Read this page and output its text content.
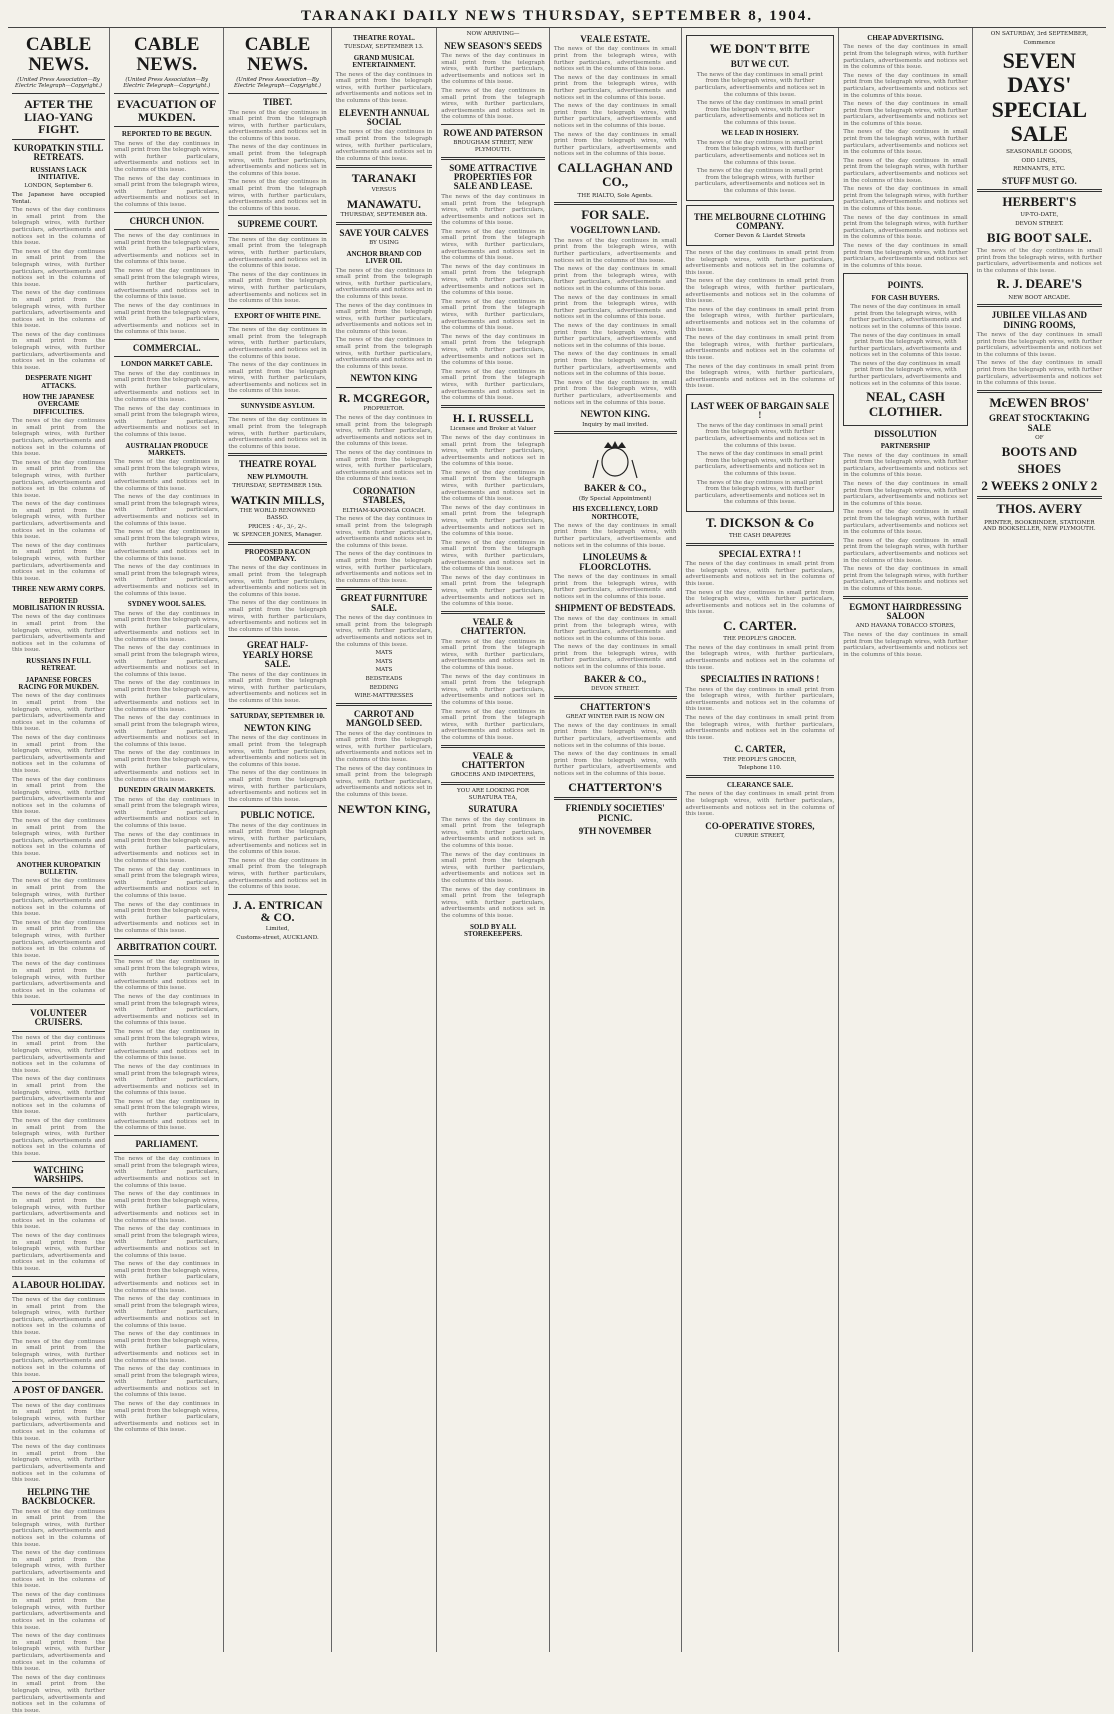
TARANAKI DAILY NEWS THURSDAY, SEPTEMBER 8, 1904.
CABLE NEWS.
(United Press Association—By Electric Telegraph—Copyright.)
AFTER THE LIAO-YANG FIGHT.
KUROPATKIN STILL RETREATS.
RUSSIANS LACK INITIATIVE.

LONDON, September 6.

The Japanese have occupied Yentai.

The news of the day continues in small print from the telegraph wires, with further particulars, advertisements and notices set in the columns of this issue.

The news of the day continues in small print from the telegraph wires, with further particulars, advertisements and notices set in the columns of this issue.

The news of the day continues in small print from the telegraph wires, with further particulars, advertisements and notices set in the columns of this issue.

The news of the day continues in small print from the telegraph wires, with further particulars, advertisements and notices set in the columns of this issue.

DESPERATE NIGHT ATTACKS.
HOW THE JAPANESE OVERCAME DIFFICULTIES.

The news of the day continues in small print from the telegraph wires, with further particulars, advertisements and notices set in the columns of this issue.

The news of the day continues in small print from the telegraph wires, with further particulars, advertisements and notices set in the columns of this issue.

The news of the day continues in small print from the telegraph wires, with further particulars, advertisements and notices set in the columns of this issue.

The news of the day continues in small print from the telegraph wires, with further particulars, advertisements and notices set in the columns of this issue.

THREE NEW ARMY CORPS.
REPORTED MOBILISATION IN RUSSIA.

The news of the day continues in small print from the telegraph wires, with further particulars, advertisements and notices set in the columns of this issue.

RUSSIANS IN FULL RETREAT.
JAPANESE FORCES RACING FOR MUKDEN.

The news of the day continues in small print from the telegraph wires, with further particulars, advertisements and notices set in the columns of this issue.

The news of the day continues in small print from the telegraph wires, with further particulars, advertisements and notices set in the columns of this issue.

The news of the day continues in small print from the telegraph wires, with further particulars, advertisements and notices set in the columns of this issue.

The news of the day continues in small print from the telegraph wires, with further particulars, advertisements and notices set in the columns of this issue.

ANOTHER KUROPATKIN BULLETIN.

The news of the day continues in small print from the telegraph wires, with further particulars, advertisements and notices set in the columns of this issue.

The news of the day continues in small print from the telegraph wires, with further particulars, advertisements and notices set in the columns of this issue.

The news of the day continues in small print from the telegraph wires, with further particulars, advertisements and notices set in the columns of this issue.

VOLUNTEER CRUISERS.

The news of the day continues in small print from the telegraph wires, with further particulars, advertisements and notices set in the columns of this issue.

The news of the day continues in small print from the telegraph wires, with further particulars, advertisements and notices set in the columns of this issue.

The news of the day continues in small print from the telegraph wires, with further particulars, advertisements and notices set in the columns of this issue.

WATCHING WARSHIPS.

The news of the day continues in small print from the telegraph wires, with further particulars, advertisements and notices set in the columns of this issue.

The news of the day continues in small print from the telegraph wires, with further particulars, advertisements and notices set in the columns of this issue.

A LABOUR HOLIDAY.

The news of the day continues in small print from the telegraph wires, with further particulars, advertisements and notices set in the columns of this issue.

The news of the day continues in small print from the telegraph wires, with further particulars, advertisements and notices set in the columns of this issue.

A POST OF DANGER.

The news of the day continues in small print from the telegraph wires, with further particulars, advertisements and notices set in the columns of this issue.

The news of the day continues in small print from the telegraph wires, with further particulars, advertisements and notices set in the columns of this issue.

HELPING THE BACKBLOCKER.

The news of the day continues in small print from the telegraph wires, with further particulars, advertisements and notices set in the columns of this issue.

The news of the day continues in small print from the telegraph wires, with further particulars, advertisements and notices set in the columns of this issue.

The news of the day continues in small print from the telegraph wires, with further particulars, advertisements and notices set in the columns of this issue.

The news of the day continues in small print from the telegraph wires, with further particulars, advertisements and notices set in the columns of this issue.

The news of the day continues in small print from the telegraph wires, with further particulars, advertisements and notices set in the columns of this issue.

CABLE NEWS.
(United Press Association—By Electric Telegraph—Copyright.)
EVACUATION OF MUKDEN.
REPORTED TO BE BEGUN.

The news of the day continues in small print from the telegraph wires, with further particulars, advertisements and notices set in the columns of this issue.

The news of the day continues in small print from the telegraph wires, with further particulars, advertisements and notices set in the columns of this issue.

CHURCH UNION.

The news of the day continues in small print from the telegraph wires, with further particulars, advertisements and notices set in the columns of this issue.

The news of the day continues in small print from the telegraph wires, with further particulars, advertisements and notices set in the columns of this issue.

The news of the day continues in small print from the telegraph wires, with further particulars, advertisements and notices set in the columns of this issue.

COMMERCIAL.
LONDON MARKET CABLE.

The news of the day continues in small print from the telegraph wires, with further particulars, advertisements and notices set in the columns of this issue.

The news of the day continues in small print from the telegraph wires, with further particulars, advertisements and notices set in the columns of this issue.

AUSTRALIAN PRODUCE MARKETS.

The news of the day continues in small print from the telegraph wires, with further particulars, advertisements and notices set in the columns of this issue.

The news of the day continues in small print from the telegraph wires, with further particulars, advertisements and notices set in the columns of this issue.

The news of the day continues in small print from the telegraph wires, with further particulars, advertisements and notices set in the columns of this issue.

The news of the day continues in small print from the telegraph wires, with further particulars, advertisements and notices set in the columns of this issue.

SYDNEY WOOL SALES.

The news of the day continues in small print from the telegraph wires, with further particulars, advertisements and notices set in the columns of this issue.

The news of the day continues in small print from the telegraph wires, with further particulars, advertisements and notices set in the columns of this issue.

The news of the day continues in small print from the telegraph wires, with further particulars, advertisements and notices set in the columns of this issue.

The news of the day continues in small print from the telegraph wires, with further particulars, advertisements and notices set in the columns of this issue.

The news of the day continues in small print from the telegraph wires, with further particulars, advertisements and notices set in the columns of this issue.

DUNEDIN GRAIN MARKETS.

The news of the day continues in small print from the telegraph wires, with further particulars, advertisements and notices set in the columns of this issue.

The news of the day continues in small print from the telegraph wires, with further particulars, advertisements and notices set in the columns of this issue.

The news of the day continues in small print from the telegraph wires, with further particulars, advertisements and notices set in the columns of this issue.

The news of the day continues in small print from the telegraph wires, with further particulars, advertisements and notices set in the columns of this issue.

ARBITRATION COURT.

The news of the day continues in small print from the telegraph wires, with further particulars, advertisements and notices set in the columns of this issue.

The news of the day continues in small print from the telegraph wires, with further particulars, advertisements and notices set in the columns of this issue.

The news of the day continues in small print from the telegraph wires, with further particulars, advertisements and notices set in the columns of this issue.

The news of the day continues in small print from the telegraph wires, with further particulars, advertisements and notices set in the columns of this issue.

The news of the day continues in small print from the telegraph wires, with further particulars, advertisements and notices set in the columns of this issue.

PARLIAMENT.

The news of the day continues in small print from the telegraph wires, with further particulars, advertisements and notices set in the columns of this issue.

The news of the day continues in small print from the telegraph wires, with further particulars, advertisements and notices set in the columns of this issue.

The news of the day continues in small print from the telegraph wires, with further particulars, advertisements and notices set in the columns of this issue.

The news of the day continues in small print from the telegraph wires, with further particulars, advertisements and notices set in the columns of this issue.

The news of the day continues in small print from the telegraph wires, with further particulars, advertisements and notices set in the columns of this issue.

The news of the day continues in small print from the telegraph wires, with further particulars, advertisements and notices set in the columns of this issue.

The news of the day continues in small print from the telegraph wires, with further particulars, advertisements and notices set in the columns of this issue.

The news of the day continues in small print from the telegraph wires, with further particulars, advertisements and notices set in the columns of this issue.

CABLE NEWS.
(United Press Association—By Electric Telegraph—Copyright.)
TIBET.

The news of the day continues in small print from the telegraph wires, with further particulars, advertisements and notices set in the columns of this issue.

The news of the day continues in small print from the telegraph wires, with further particulars, advertisements and notices set in the columns of this issue.

The news of the day continues in small print from the telegraph wires, with further particulars, advertisements and notices set in the columns of this issue.

SUPREME COURT.

The news of the day continues in small print from the telegraph wires, with further particulars, advertisements and notices set in the columns of this issue.

The news of the day continues in small print from the telegraph wires, with further particulars, advertisements and notices set in the columns of this issue.

EXPORT OF WHITE PINE.

The news of the day continues in small print from the telegraph wires, with further particulars, advertisements and notices set in the columns of this issue.

The news of the day continues in small print from the telegraph wires, with further particulars, advertisements and notices set in the columns of this issue.

SUNNYSIDE ASYLUM.

The news of the day continues in small print from the telegraph wires, with further particulars, advertisements and notices set in the columns of this issue.

THEATRE ROYAL
NEW PLYMOUTH.

THURSDAY, SEPTEMBER 15th.

WATKIN MILLS,

THE WORLD RENOWNED BASSO.

PRICES : 4/-, 3/-, 2/-.

W. SPENCER JONES, Manager.

PROPOSED RACON COMPANY.

The news of the day continues in small print from the telegraph wires, with further particulars, advertisements and notices set in the columns of this issue.

The news of the day continues in small print from the telegraph wires, with further particulars, advertisements and notices set in the columns of this issue.

GREAT HALF-YEARLY HORSE SALE.

The news of the day continues in small print from the telegraph wires, with further particulars, advertisements and notices set in the columns of this issue.

SATURDAY, SEPTEMBER 10.
NEWTON KING

The news of the day continues in small print from the telegraph wires, with further particulars, advertisements and notices set in the columns of this issue.

The news of the day continues in small print from the telegraph wires, with further particulars, advertisements and notices set in the columns of this issue.

PUBLIC NOTICE.

The news of the day continues in small print from the telegraph wires, with further particulars, advertisements and notices set in the columns of this issue.

The news of the day continues in small print from the telegraph wires, with further particulars, advertisements and notices set in the columns of this issue.

J. A. ENTRICAN & CO.

Limited,

Customs-street, AUCKLAND.

THEATRE ROYAL.

TUESDAY, SEPTEMBER 13.

GRAND MUSICAL ENTERTAINMENT.

The news of the day continues in small print from the telegraph wires, with further particulars, advertisements and notices set in the columns of this issue.

ELEVENTH ANNUAL SOCIAL

The news of the day continues in small print from the telegraph wires, with further particulars, advertisements and notices set in the columns of this issue.

TARANAKI

VERSUS

MANAWATU.

THURSDAY, SEPTEMBER 8th.

SAVE YOUR CALVES

BY USING

ANCHOR BRAND COD LIVER OIL

The news of the day continues in small print from the telegraph wires, with further particulars, advertisements and notices set in the columns of this issue.

The news of the day continues in small print from the telegraph wires, with further particulars, advertisements and notices set in the columns of this issue.

The news of the day continues in small print from the telegraph wires, with further particulars, advertisements and notices set in the columns of this issue.

NEWTON KING
R. MCGREGOR,

PROPRIETOR.

The news of the day continues in small print from the telegraph wires, with further particulars, advertisements and notices set in the columns of this issue.

The news of the day continues in small print from the telegraph wires, with further particulars, advertisements and notices set in the columns of this issue.

CORONATION STABLES,

ELTHAM-KAPONGA COACH.

The news of the day continues in small print from the telegraph wires, with further particulars, advertisements and notices set in the columns of this issue.

The news of the day continues in small print from the telegraph wires, with further particulars, advertisements and notices set in the columns of this issue.

GREAT FURNITURE SALE.

The news of the day continues in small print from the telegraph wires, with further particulars, advertisements and notices set in the columns of this issue.

MATS

MATS

MATS

BEDSTEADS

BEDDING

WIRE-MATTRESSES

CARROT AND MANGOLD SEED.

The news of the day continues in small print from the telegraph wires, with further particulars, advertisements and notices set in the columns of this issue.

The news of the day continues in small print from the telegraph wires, with further particulars, advertisements and notices set in the columns of this issue.

NEWTON KING,

NOW ARRIVING—

NEW SEASON'S SEEDS

The news of the day continues in small print from the telegraph wires, with further particulars, advertisements and notices set in the columns of this issue.

The news of the day continues in small print from the telegraph wires, with further particulars, advertisements and notices set in the columns of this issue.

ROWE AND PATERSON

BROUGHAM STREET, NEW PLYMOUTH.

SOME ATTRACTIVE PROPERTIES FOR SALE AND LEASE.

The news of the day continues in small print from the telegraph wires, with further particulars, advertisements and notices set in the columns of this issue.

The news of the day continues in small print from the telegraph wires, with further particulars, advertisements and notices set in the columns of this issue.

The news of the day continues in small print from the telegraph wires, with further particulars, advertisements and notices set in the columns of this issue.

The news of the day continues in small print from the telegraph wires, with further particulars, advertisements and notices set in the columns of this issue.

The news of the day continues in small print from the telegraph wires, with further particulars, advertisements and notices set in the columns of this issue.

The news of the day continues in small print from the telegraph wires, with further particulars, advertisements and notices set in the columns of this issue.

H. I. RUSSELL

Licensee and Broker at Valuer

The news of the day continues in small print from the telegraph wires, with further particulars, advertisements and notices set in the columns of this issue.

The news of the day continues in small print from the telegraph wires, with further particulars, advertisements and notices set in the columns of this issue.

The news of the day continues in small print from the telegraph wires, with further particulars, advertisements and notices set in the columns of this issue.

The news of the day continues in small print from the telegraph wires, with further particulars, advertisements and notices set in the columns of this issue.

The news of the day continues in small print from the telegraph wires, with further particulars, advertisements and notices set in the columns of this issue.

VEALE & CHATTERTON.

The news of the day continues in small print from the telegraph wires, with further particulars, advertisements and notices set in the columns of this issue.

The news of the day continues in small print from the telegraph wires, with further particulars, advertisements and notices set in the columns of this issue.

The news of the day continues in small print from the telegraph wires, with further particulars, advertisements and notices set in the columns of this issue.

VEALE & CHATTERTON

GROCERS AND IMPORTERS,

YOU ARE LOOKING FOR SURATURA TEA,

SURATURA

The news of the day continues in small print from the telegraph wires, with further particulars, advertisements and notices set in the columns of this issue.

The news of the day continues in small print from the telegraph wires, with further particulars, advertisements and notices set in the columns of this issue.

The news of the day continues in small print from the telegraph wires, with further particulars, advertisements and notices set in the columns of this issue.

SOLD BY ALL STOREKEEPERS.
VEALE ESTATE.

The news of the day continues in small print from the telegraph wires, with further particulars, advertisements and notices set in the columns of this issue.

The news of the day continues in small print from the telegraph wires, with further particulars, advertisements and notices set in the columns of this issue.

The news of the day continues in small print from the telegraph wires, with further particulars, advertisements and notices set in the columns of this issue.

The news of the day continues in small print from the telegraph wires, with further particulars, advertisements and notices set in the columns of this issue.

CALLAGHAN AND CO.,

THE RIALTO, Sole Agents.

FOR SALE.
VOGELTOWN LAND.

The news of the day continues in small print from the telegraph wires, with further particulars, advertisements and notices set in the columns of this issue.

The news of the day continues in small print from the telegraph wires, with further particulars, advertisements and notices set in the columns of this issue.

The news of the day continues in small print from the telegraph wires, with further particulars, advertisements and notices set in the columns of this issue.

The news of the day continues in small print from the telegraph wires, with further particulars, advertisements and notices set in the columns of this issue.

The news of the day continues in small print from the telegraph wires, with further particulars, advertisements and notices set in the columns of this issue.

The news of the day continues in small print from the telegraph wires, with further particulars, advertisements and notices set in the columns of this issue.

NEWTON KING.

Inquiry by mail invited.

BAKER & CO.,

(By Special Appointment)

HIS EXCELLENCY, LORD NORTHCOTE,

The news of the day continues in small print from the telegraph wires, with further particulars, advertisements and notices set in the columns of this issue.

LINOLEUMS & FLOORCLOTHS.

The news of the day continues in small print from the telegraph wires, with further particulars, advertisements and notices set in the columns of this issue.

SHIPMENT OF BEDSTEADS.

The news of the day continues in small print from the telegraph wires, with further particulars, advertisements and notices set in the columns of this issue.

The news of the day continues in small print from the telegraph wires, with further particulars, advertisements and notices set in the columns of this issue.

BAKER & CO.,

DEVON STREET.

CHATTERTON'S

GREAT WINTER FAIR IS NOW ON

The news of the day continues in small print from the telegraph wires, with further particulars, advertisements and notices set in the columns of this issue.

The news of the day continues in small print from the telegraph wires, with further particulars, advertisements and notices set in the columns of this issue.

CHATTERTON'S
FRIENDLY SOCIETIES' PICNIC.
9TH NOVEMBER
WE DON'T BITE
BUT WE CUT.

The news of the day continues in small print from the telegraph wires, with further particulars, advertisements and notices set in the columns of this issue.

The news of the day continues in small print from the telegraph wires, with further particulars, advertisements and notices set in the columns of this issue.

WE LEAD IN HOSIERY.

The news of the day continues in small print from the telegraph wires, with further particulars, advertisements and notices set in the columns of this issue.

The news of the day continues in small print from the telegraph wires, with further particulars, advertisements and notices set in the columns of this issue.

THE MELBOURNE CLOTHING COMPANY.

Corner Devon & Liardet Streets

The news of the day continues in small print from the telegraph wires, with further particulars, advertisements and notices set in the columns of this issue.

The news of the day continues in small print from the telegraph wires, with further particulars, advertisements and notices set in the columns of this issue.

The news of the day continues in small print from the telegraph wires, with further particulars, advertisements and notices set in the columns of this issue.

The news of the day continues in small print from the telegraph wires, with further particulars, advertisements and notices set in the columns of this issue.

The news of the day continues in small print from the telegraph wires, with further particulars, advertisements and notices set in the columns of this issue.

LAST WEEK OF BARGAIN SALE !

The news of the day continues in small print from the telegraph wires, with further particulars, advertisements and notices set in the columns of this issue.

The news of the day continues in small print from the telegraph wires, with further particulars, advertisements and notices set in the columns of this issue.

The news of the day continues in small print from the telegraph wires, with further particulars, advertisements and notices set in the columns of this issue.

T. DICKSON & Co

THE CASH DRAPERS

SPECIAL EXTRA ! !

The news of the day continues in small print from the telegraph wires, with further particulars, advertisements and notices set in the columns of this issue.

The news of the day continues in small print from the telegraph wires, with further particulars, advertisements and notices set in the columns of this issue.

C. CARTER.

THE PEOPLE'S GROCER.

The news of the day continues in small print from the telegraph wires, with further particulars, advertisements and notices set in the columns of this issue.

SPECIALTIES IN RATIONS !

The news of the day continues in small print from the telegraph wires, with further particulars, advertisements and notices set in the columns of this issue.

The news of the day continues in small print from the telegraph wires, with further particulars, advertisements and notices set in the columns of this issue.

C. CARTER,

THE PEOPLE'S GROCER,

Telephone 110.

CLEARANCE SALE.

The news of the day continues in small print from the telegraph wires, with further particulars, advertisements and notices set in the columns of this issue.

CO-OPERATIVE STORES,

CURRIE STREET,

CHEAP ADVERTISING.

The news of the day continues in small print from the telegraph wires, with further particulars, advertisements and notices set in the columns of this issue.

The news of the day continues in small print from the telegraph wires, with further particulars, advertisements and notices set in the columns of this issue.

The news of the day continues in small print from the telegraph wires, with further particulars, advertisements and notices set in the columns of this issue.

The news of the day continues in small print from the telegraph wires, with further particulars, advertisements and notices set in the columns of this issue.

The news of the day continues in small print from the telegraph wires, with further particulars, advertisements and notices set in the columns of this issue.

The news of the day continues in small print from the telegraph wires, with further particulars, advertisements and notices set in the columns of this issue.

The news of the day continues in small print from the telegraph wires, with further particulars, advertisements and notices set in the columns of this issue.

The news of the day continues in small print from the telegraph wires, with further particulars, advertisements and notices set in the columns of this issue.

POINTS.
FOR CASH BUYERS.

The news of the day continues in small print from the telegraph wires, with further particulars, advertisements and notices set in the columns of this issue.

The news of the day continues in small print from the telegraph wires, with further particulars, advertisements and notices set in the columns of this issue.

The news of the day continues in small print from the telegraph wires, with further particulars, advertisements and notices set in the columns of this issue.

NEAL, CASH CLOTHIER.
DISSOLUTION
PARTNERSHIP

The news of the day continues in small print from the telegraph wires, with further particulars, advertisements and notices set in the columns of this issue.

The news of the day continues in small print from the telegraph wires, with further particulars, advertisements and notices set in the columns of this issue.

The news of the day continues in small print from the telegraph wires, with further particulars, advertisements and notices set in the columns of this issue.

The news of the day continues in small print from the telegraph wires, with further particulars, advertisements and notices set in the columns of this issue.

The news of the day continues in small print from the telegraph wires, with further particulars, advertisements and notices set in the columns of this issue.

EGMONT HAIRDRESSING SALOON

AND HAVANA TOBACCO STORES,

The news of the day continues in small print from the telegraph wires, with further particulars, advertisements and notices set in the columns of this issue.

ON SATURDAY, 3rd SEPTEMBER,

Commence

SEVEN DAYS' SPECIAL SALE

SEASONABLE GOODS,

ODD LINES,

REMNANTS, ETC.

STUFF MUST GO.
HERBERT'S

UP-TO-DATE,

DEVON STREET.

BIG BOOT SALE.

The news of the day continues in small print from the telegraph wires, with further particulars, advertisements and notices set in the columns of this issue.

R. J. DEARE'S

NEW BOOT ARCADE.

JUBILEE VILLAS AND DINING ROOMS,

The news of the day continues in small print from the telegraph wires, with further particulars, advertisements and notices set in the columns of this issue.

The news of the day continues in small print from the telegraph wires, with further particulars, advertisements and notices set in the columns of this issue.

McEWEN BROS'
GREAT STOCKTAKING SALE

OF

BOOTS AND
SHOES
2 WEEKS 2 ONLY 2
THOS. AVERY

PRINTER, BOOKBINDER, STATIONER AND BOOKSELLER, NEW PLYMOUTH.
